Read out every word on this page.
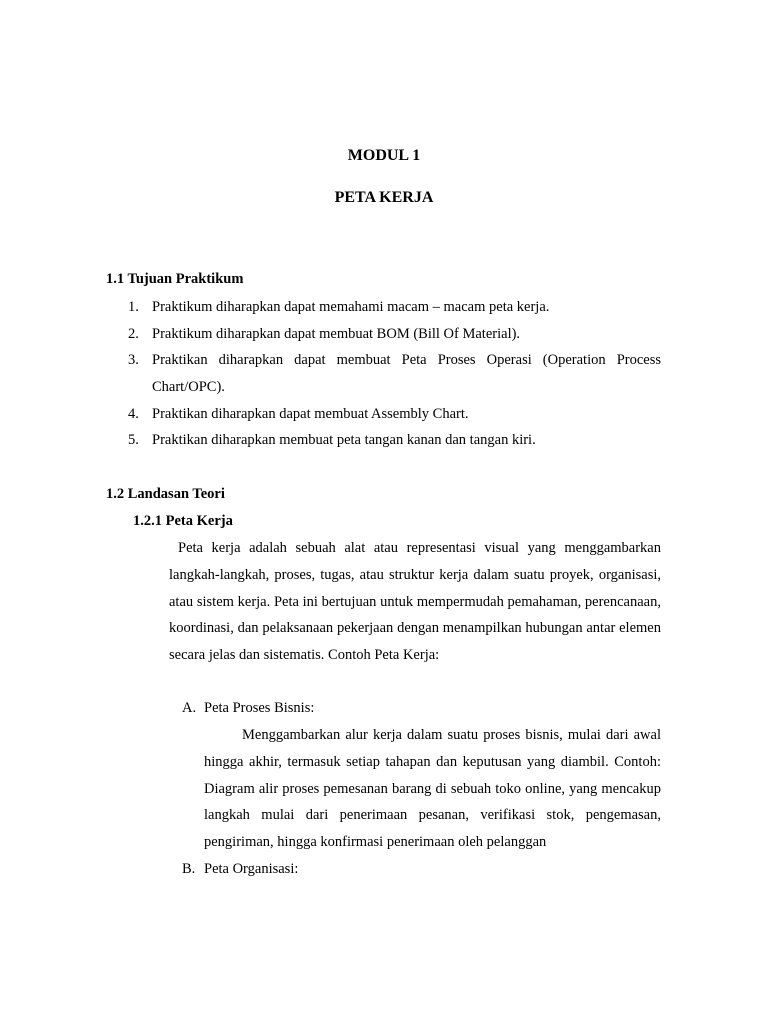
MODUL 1
PETA KERJA
1.1 Tujuan Praktikum
1. Praktikum diharapkan dapat memahami macam – macam peta kerja.
2. Praktikum diharapkan dapat membuat BOM (Bill Of Material).
3. Praktikan diharapkan dapat membuat Peta Proses Operasi (Operation Process Chart/OPC).
4. Praktikan diharapkan dapat membuat Assembly Chart.
5. Praktikan diharapkan membuat peta tangan kanan dan tangan kiri.
1.2 Landasan Teori
1.2.1 Peta Kerja

Peta kerja adalah sebuah alat atau representasi visual yang menggambarkan langkah-langkah, proses, tugas, atau struktur kerja dalam suatu proyek, organisasi, atau sistem kerja. Peta ini bertujuan untuk mempermudah pemahaman, perencanaan, koordinasi, dan pelaksanaan pekerjaan dengan menampilkan hubungan antar elemen secara jelas dan sistematis. Contoh Peta Kerja:

A. Peta Proses Bisnis:

Menggambarkan alur kerja dalam suatu proses bisnis, mulai dari awal hingga akhir, termasuk setiap tahapan dan keputusan yang diambil. Contoh: Diagram alir proses pemesanan barang di sebuah toko online, yang mencakup langkah mulai dari penerimaan pesanan, verifikasi stok, pengemasan, pengiriman, hingga konfirmasi penerimaan oleh pelanggan

B. Peta Organisasi:
